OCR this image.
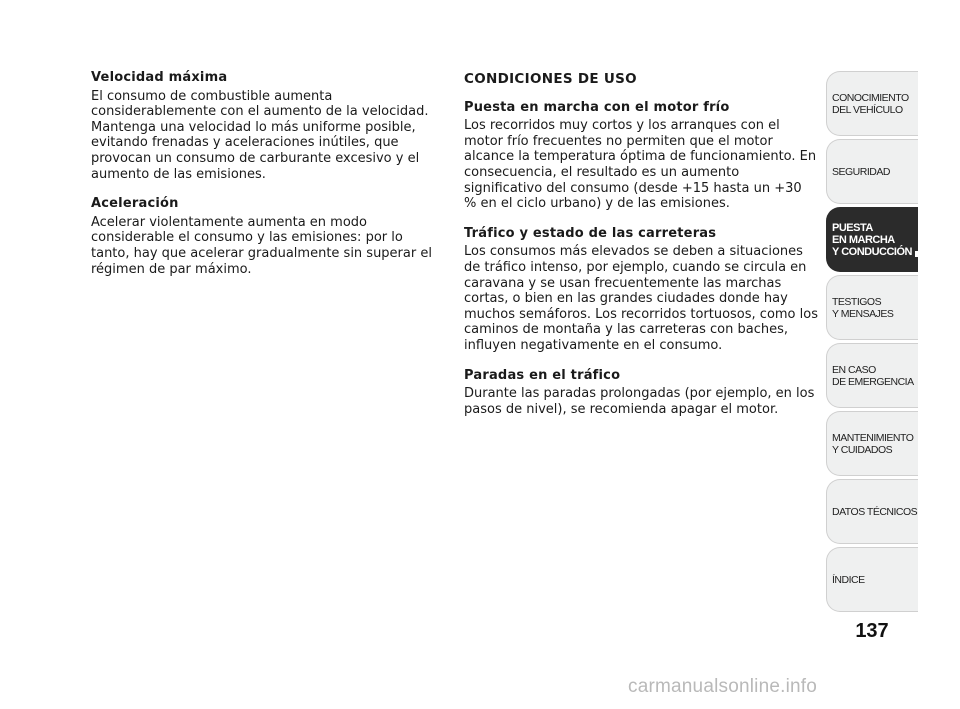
Velocidad máxima

El consumo de combustible aumenta considerablemente con el aumento de la velocidad. Mantenga una velocidad lo más uniforme posible, evitando frenadas y aceleraciones inútiles, que provocan un consumo de carburante excesivo y el aumento de las emisiones.

Aceleración

Acelerar violentamente aumenta en modo considerable el consumo y las emisiones: por lo tanto, hay que acelerar gradualmente sin superar el régimen de par máximo.

CONDICIONES DE USO
Puesta en marcha con el motor frío

Los recorridos muy cortos y los arranques con el motor frío frecuentes no permiten que el motor alcance la temperatura óptima de funcionamiento. En consecuencia, el resultado es un aumento significativo del consumo (desde +15 hasta un +30 % en el ciclo urbano) y de las emisiones.

Tráfico y estado de las carreteras

Los consumos más elevados se deben a situaciones de tráfico intenso, por ejemplo, cuando se circula en caravana y se usan frecuentemente las marchas cortas, o bien en las grandes ciudades donde hay muchos semáforos. Los recorridos tortuosos, como los caminos de montaña y las carreteras con baches, influyen negativamente en el consumo.

Paradas en el tráfico

Durante las paradas prolongadas (por ejemplo, en los pasos de nivel), se recomienda apagar el motor.

CONOCIMIENTO
DEL VEHÍCULO
SEGURIDAD
PUESTA
EN MARCHA
Y CONDUCCIÓN
TESTIGOS
Y MENSAJES
EN CASO
DE EMERGENCIA
MANTENIMIENTO
Y CUIDADOS
DATOS TÉCNICOS
ÍNDICE
137
carmanualsonline.info
